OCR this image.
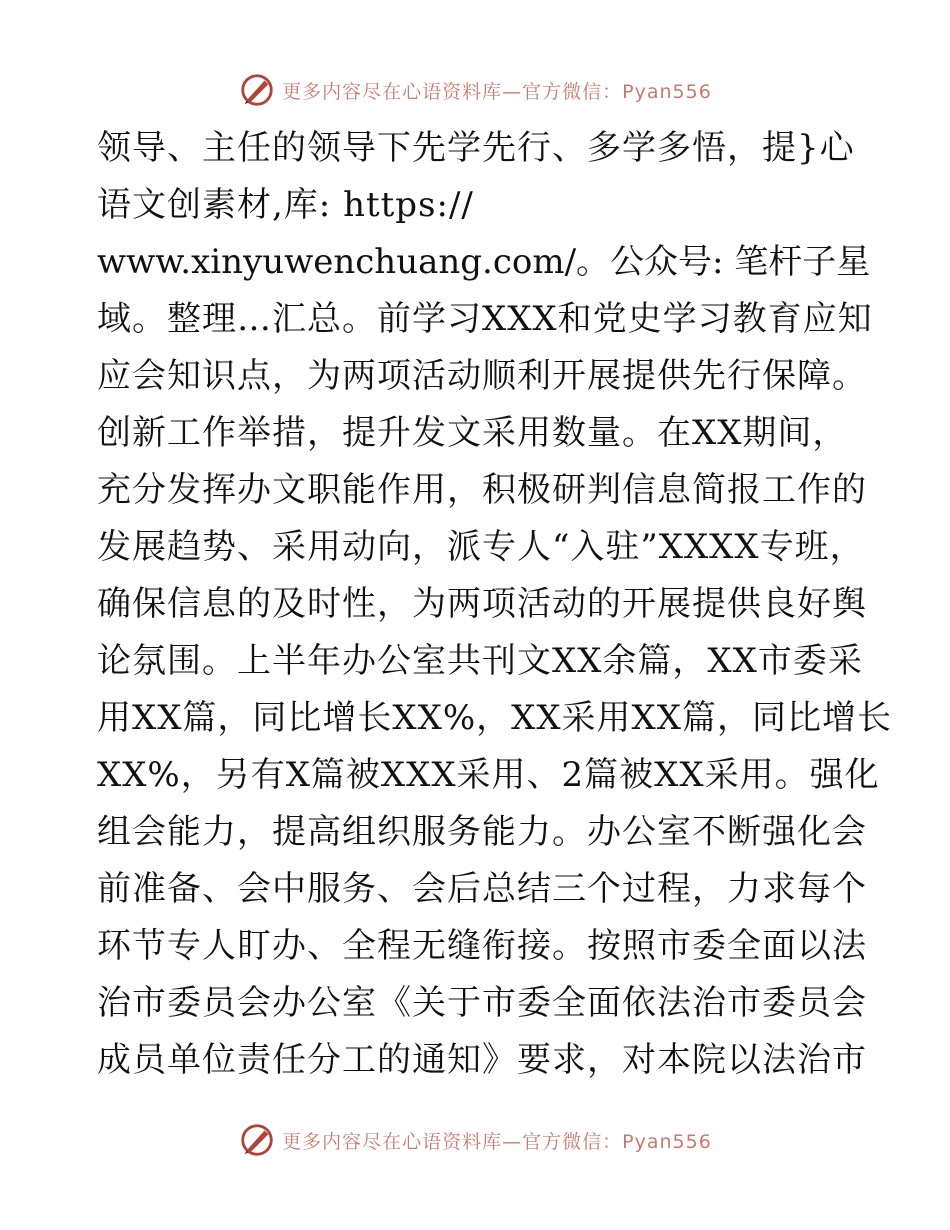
更多内容尽在心语资料库—官方微信：Pyan556
领导、主任的领导下先学先行、多学多悟，提}心
语文创素材,库: https://
www.xinyuwenchuang.com/。公众号: 笔杆子星
域。整理…汇总。前学习XXX和党史学习教育应知
应会知识点，为两项活动顺利开展提供先行保障。
创新工作举措，提升发文采用数量。在XX期间，
充分发挥办文职能作用，积极研判信息简报工作的
发展趋势、采用动向，派专人“入驻”XXXX专班，
确保信息的及时性，为两项活动的开展提供良好舆
论氛围。上半年办公室共刊文XX余篇，XX市委采
用XX篇，同比增长XX%，XX采用XX篇，同比增长
XX%，另有X篇被XXX采用、2篇被XX采用。强化
组会能力，提高组织服务能力。办公室不断强化会
前准备、会中服务、会后总结三个过程，力求每个
环节专人盯办、全程无缝衔接。按照市委全面以法
治市委员会办公室《关于市委全面依法治市委员会
成员单位责任分工的通知》要求，对本院以法治市
更多内容尽在心语资料库—官方微信：Pyan556
